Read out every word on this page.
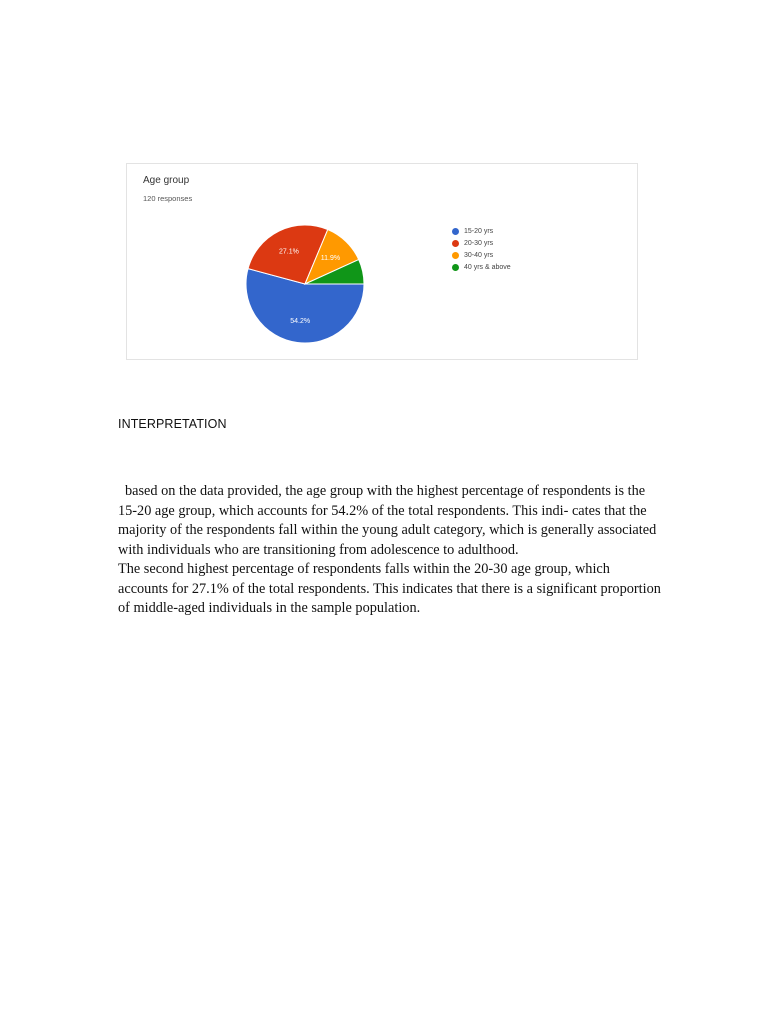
Age group
120 responses
54.2%
27.1%
11.9%
15-20 yrs
20-30 yrs
30-40 yrs
40 yrs & above
INTERPRETATION

based on the data provided, the age group with the highest percentage of respondents is the 15-20 age group, which accounts for 54.2% of the total respondents. This indi- cates that the majority of the respondents fall within the young adult category, which is generally associated with individuals who are transitioning from adolescence to adulthood.

The second highest percentage of respondents falls within the 20-30 age group, which accounts for 27.1% of the total respondents. This indicates that there is a significant proportion of middle-aged individuals in the sample population.
